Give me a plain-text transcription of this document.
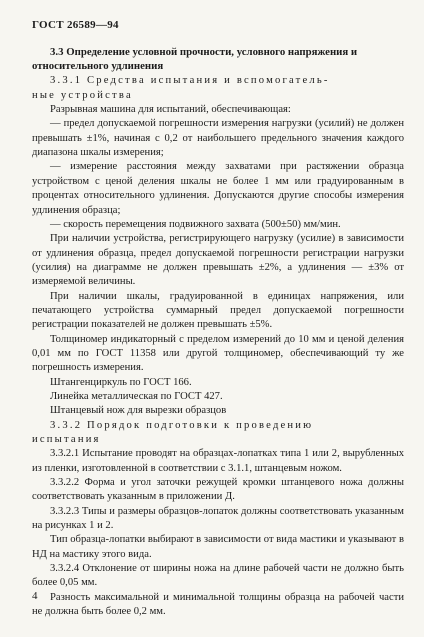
ГОСТ 26589—94

3.3 Определение условной прочности, условного напряжения и

относительного удлинения

3.3.1 Средства испытания и вспомогатель-

ные устройства

Разрывная машина для испытаний, обеспечивающая:

— предел допускаемой погрешности измерения нагрузки (усилий) не должен превышать ±1%, начиная с 0,2 от наибольшего предельного значения каждого диапазона шкалы измерения;

— измерение расстояния между захватами при растяжении образца устройством с ценой деления шкалы не более 1 мм или градуированным в процентах относительного удлинения. Допускаются другие способы измерения удлинения образца;

— скорость перемещения подвижного захвата (500±50) мм/мин.

При наличии устройства, регистрирующего нагрузку (усилие) в зависимости от удлинения образца, предел допускаемой погрешности регистрации нагрузки (усилия) на диаграмме не должен превышать ±2%, а удлинения — ±3% от измеряемой величины.

При наличии шкалы, градуированной в единицах напряжения, или печатающего устройства суммарный предел допускаемой погрешности регистрации показателей не должен превышать ±5%.

Толщиномер индикаторный с пределом измерений до 10 мм и ценой деления 0,01 мм по ГОСТ 11358 или другой толщиномер, обеспечивающий ту же погрешность измерения.

Штангенциркуль по ГОСТ 166.

Линейка металлическая по ГОСТ 427.

Штанцевый нож для вырезки образцов

3.3.2 Порядок подготовки к проведению

испытания

3.3.2.1 Испытание проводят на образцах-лопатках типа 1 или 2, вырубленных из пленки, изготовленной в соответствии с 3.1.1, штанцевым ножом.

3.3.2.2 Форма и угол заточки режущей кромки штанцевого ножа должны соответствовать указанным в приложении Д.

3.3.2.3 Типы и размеры образцов-лопаток должны соответствовать указанным на рисунках 1 и 2.

Тип образца-лопатки выбирают в зависимости от вида мастики и указывают в НД на мастику этого вида.

3.3.2.4 Отклонение от ширины ножа на длине рабочей части не должно быть более 0,05 мм.

Разность максимальной и минимальной толщины образца на рабочей части не должна быть более 0,2 мм.

4
